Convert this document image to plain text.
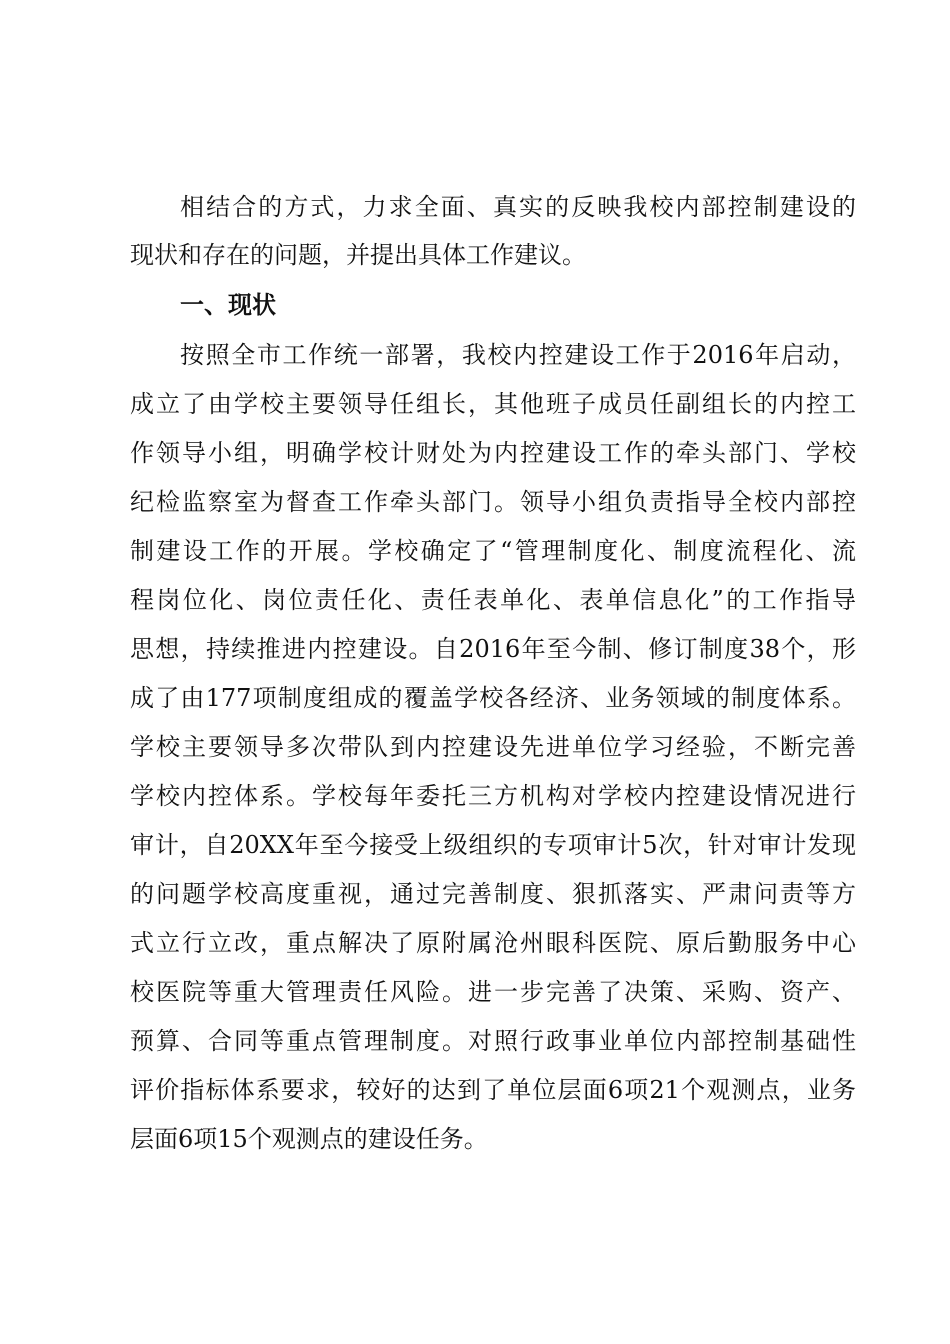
相结合的方式，力求全面、真实的反映我校内部控制建设的
现状和存在的问题，并提出具体工作建议。
一、现状
按照全市工作统一部署，我校内控建设工作于2016年启动，
成立了由学校主要领导任组长，其他班子成员任副组长的内控工
作领导小组，明确学校计财处为内控建设工作的牵头部门、学校
纪检监察室为督查工作牵头部门。领导小组负责指导全校内部控
制建设工作的开展。学校确定了“管理制度化、制度流程化、流
程岗位化、岗位责任化、责任表单化、表单信息化”的工作指导
思想，持续推进内控建设。自2016年至今制、修订制度38个，形
成了由177项制度组成的覆盖学校各经济、业务领域的制度体系。
学校主要领导多次带队到内控建设先进单位学习经验，不断完善
学校内控体系。学校每年委托三方机构对学校内控建设情况进行
审计，自20XX年至今接受上级组织的专项审计5次，针对审计发现
的问题学校高度重视，通过完善制度、狠抓落实、严肃问责等方
式立行立改，重点解决了原附属沧州眼科医院、原后勤服务中心
校医院等重大管理责任风险。进一步完善了决策、采购、资产、
预算、合同等重点管理制度。对照行政事业单位内部控制基础性
评价指标体系要求，较好的达到了单位层面6项21个观测点，业务
层面6项15个观测点的建设任务。
